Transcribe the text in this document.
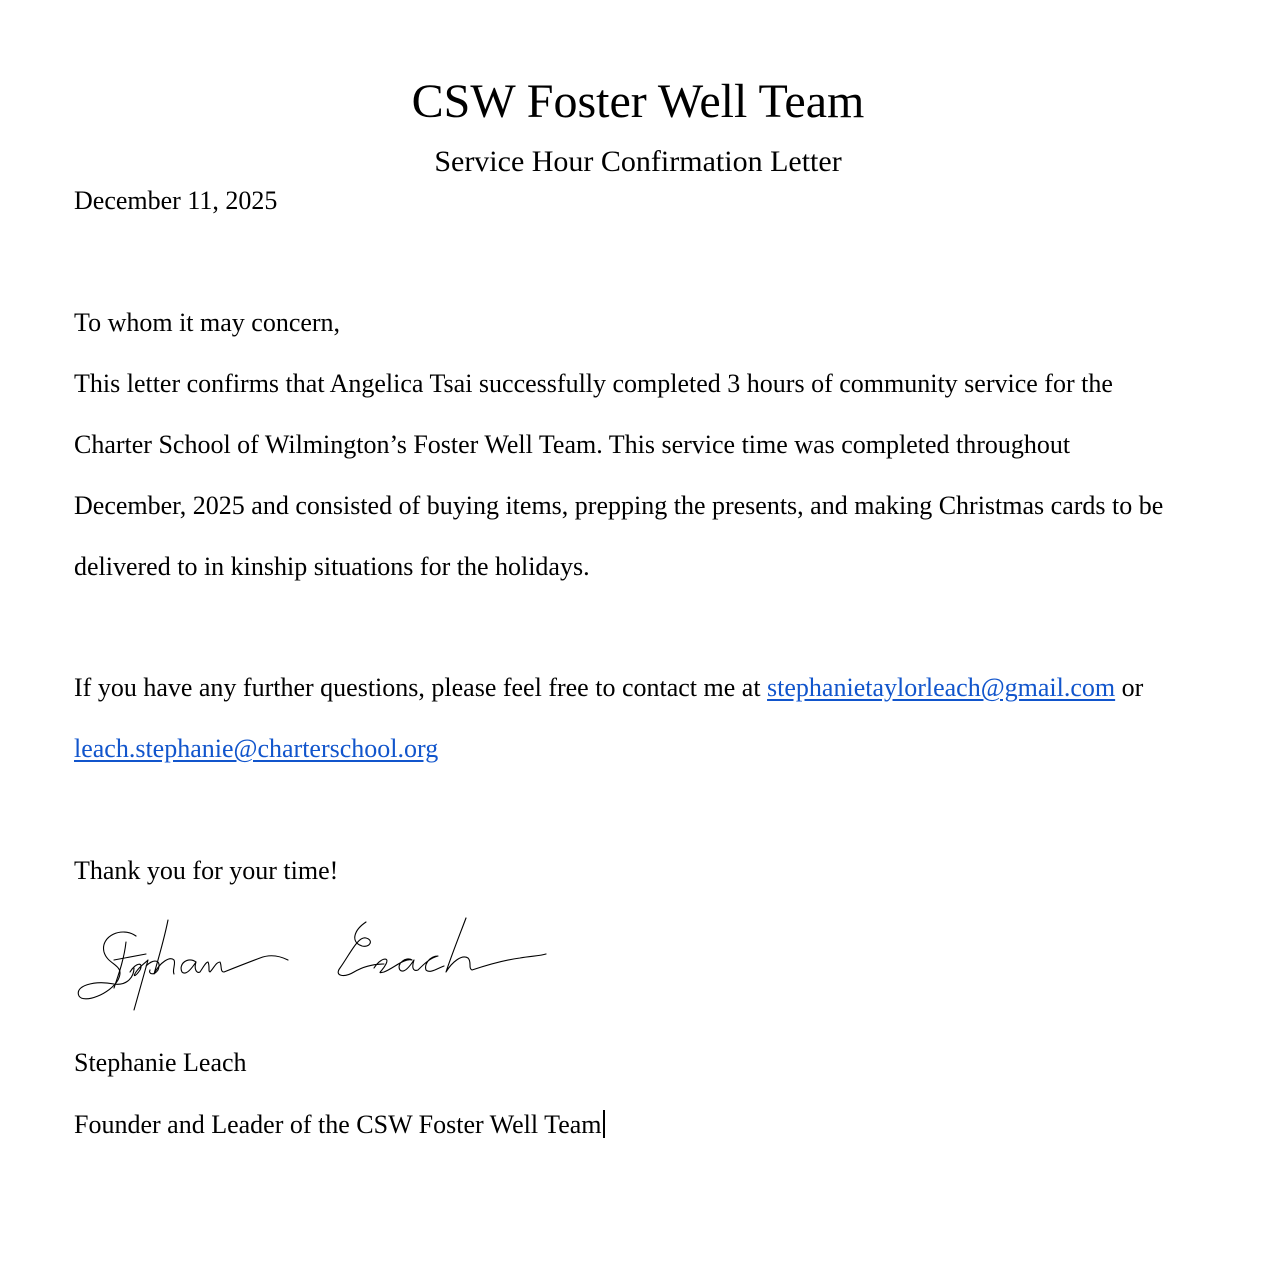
CSW Foster Well Team
Service Hour Confirmation Letter
December 11, 2025
To whom it may concern,
This letter confirms that Angelica Tsai successfully completed 3 hours of community service for the
Charter School of Wilmington’s Foster Well Team. This service time was completed throughout
December, 2025 and consisted of buying items, prepping the presents, and making Christmas cards to be
delivered to in kinship situations for the holidays.
If you have any further questions, please feel free to contact me at stephanietaylorleach@gmail.com or
leach.stephanie@charterschool.org
Thank you for your time!
Stephanie Leach
Founder and Leader of the CSW Foster Well Team
